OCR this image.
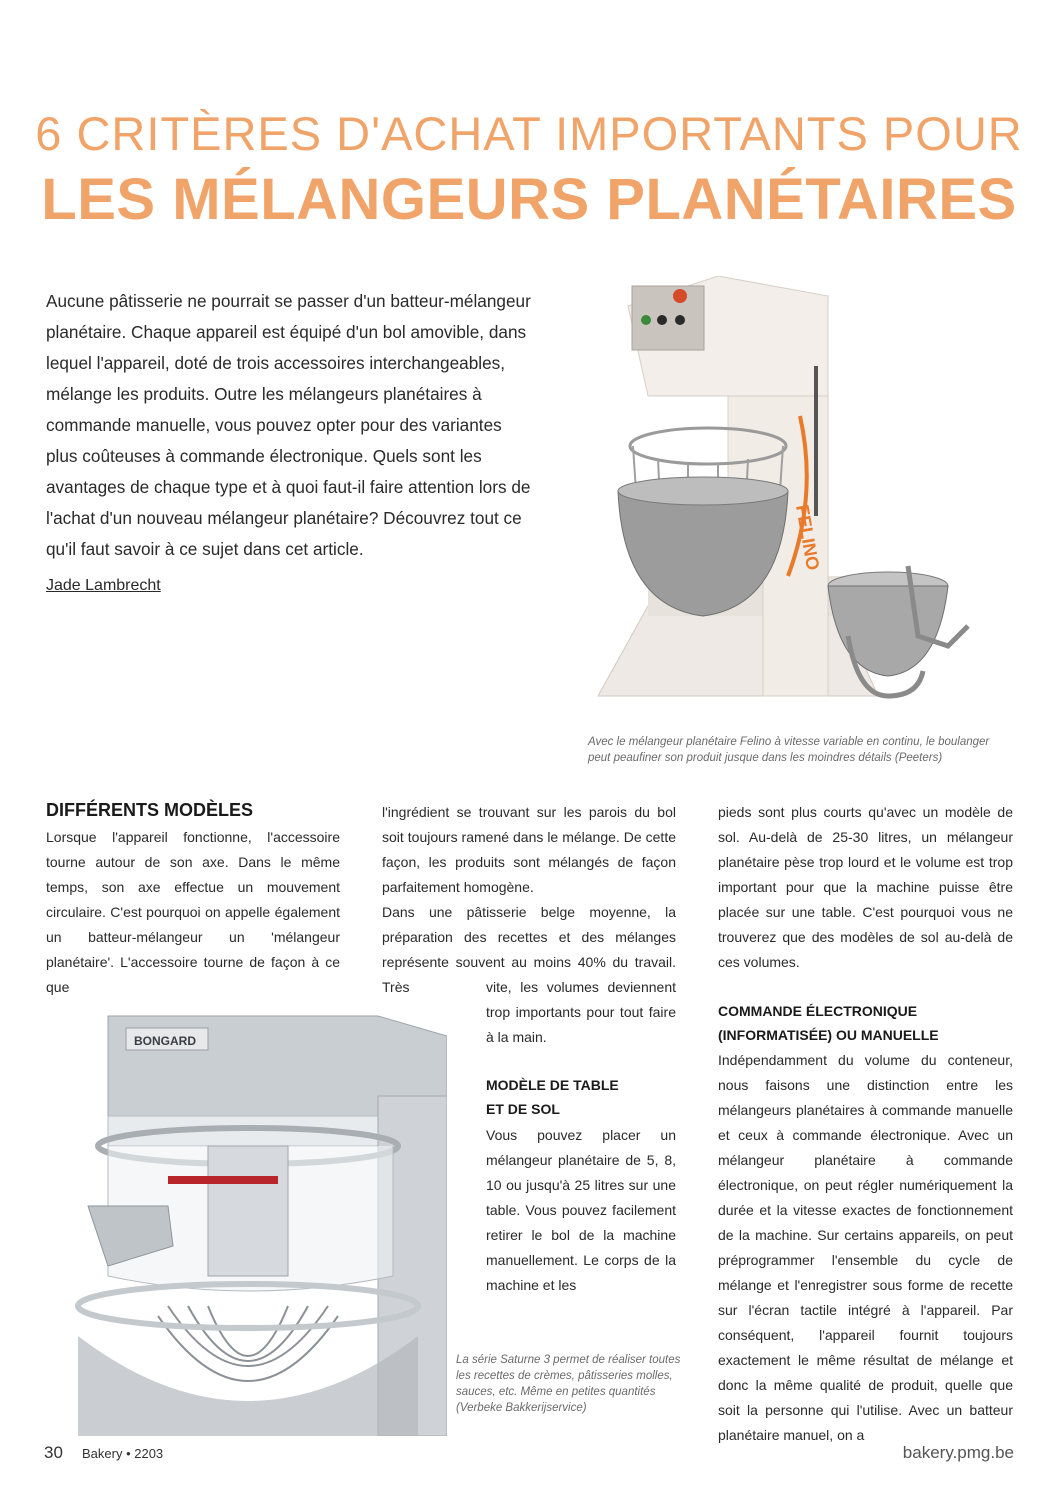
6 CRITÈRES D'ACHAT IMPORTANTS POUR
LES MÉLANGEURS PLANÉTAIRES
Aucune pâtisserie ne pourrait se passer d'un batteur-mélangeur planétaire. Chaque appareil est équipé d'un bol amovible, dans lequel l'appareil, doté de trois accessoires interchangeables, mélange les produits. Outre les mélangeurs planétaires à commande manuelle, vous pouvez opter pour des variantes plus coûteuses à commande électronique. Quels sont les avantages de chaque type et à quoi faut-il faire attention lors de l'achat d'un nouveau mélangeur planétaire? Découvrez tout ce qu'il faut savoir à ce sujet dans cet article.
Jade Lambrecht
FELINO
Avec le mélangeur planétaire Felino à vitesse variable en continu, le boulanger peut peaufiner son produit jusque dans les moindres détails (Peeters)
DIFFÉRENTS MODÈLES
Lorsque l'appareil fonctionne, l'accessoire tourne autour de son axe. Dans le même temps, son axe effectue un mouvement circulaire. C'est pourquoi on appelle également un batteur-mélangeur un 'mélangeur planétaire'. L'accessoire tourne de façon à ce que
BONGARD
l'ingrédient se trouvant sur les parois du bol soit toujours ramené dans le mélange. De cette façon, les produits sont mélangés de façon parfaitement homogène.
Dans une pâtisserie belge moyenne, la préparation des recettes et des mélanges représente souvent au moins 40% du travail. Très	vite, les volumes deviennent trop importants pour tout faire à la main.
MODÈLE DE TABLE
ET DE SOL
Vous pouvez placer un mélangeur planétaire de 5, 8, 10 ou jusqu'à 25 litres sur une table. Vous pouvez facilement retirer le bol de la machine manuellement. Le corps de la machine et les
La série Saturne 3 permet de réaliser toutes les recettes de crèmes, pâtisseries molles, sauces, etc. Même en petites quantités (Verbeke Bakkerijservice)
pieds sont plus courts qu'avec un modèle de sol. Au-delà de 25-30 litres, un mélangeur planétaire pèse trop lourd et le volume est trop important pour que la machine puisse être placée sur une table. C'est pourquoi vous ne trouverez que des modèles de sol au-delà de ces volumes.
COMMANDE ÉLECTRONIQUE
(INFORMATISÉE) OU MANUELLE
Indépendamment du volume du conteneur, nous faisons une distinction entre les mélangeurs planétaires à commande manuelle et ceux à commande électronique. Avec un mélangeur planétaire à commande électronique, on peut régler numériquement la durée et la vitesse exactes de fonctionnement de la machine. Sur certains appareils, on peut préprogrammer l'ensemble du cycle de mélange et l'enregistrer sous forme de recette sur l'écran tactile intégré à l'appareil. Par conséquent, l'appareil fournit toujours exactement le même résultat de mélange et donc la même qualité de produit, quelle que soit la personne qui l'utilise. Avec un batteur planétaire manuel, on a
30 Bakery • 2203	bakery.pmg.be
